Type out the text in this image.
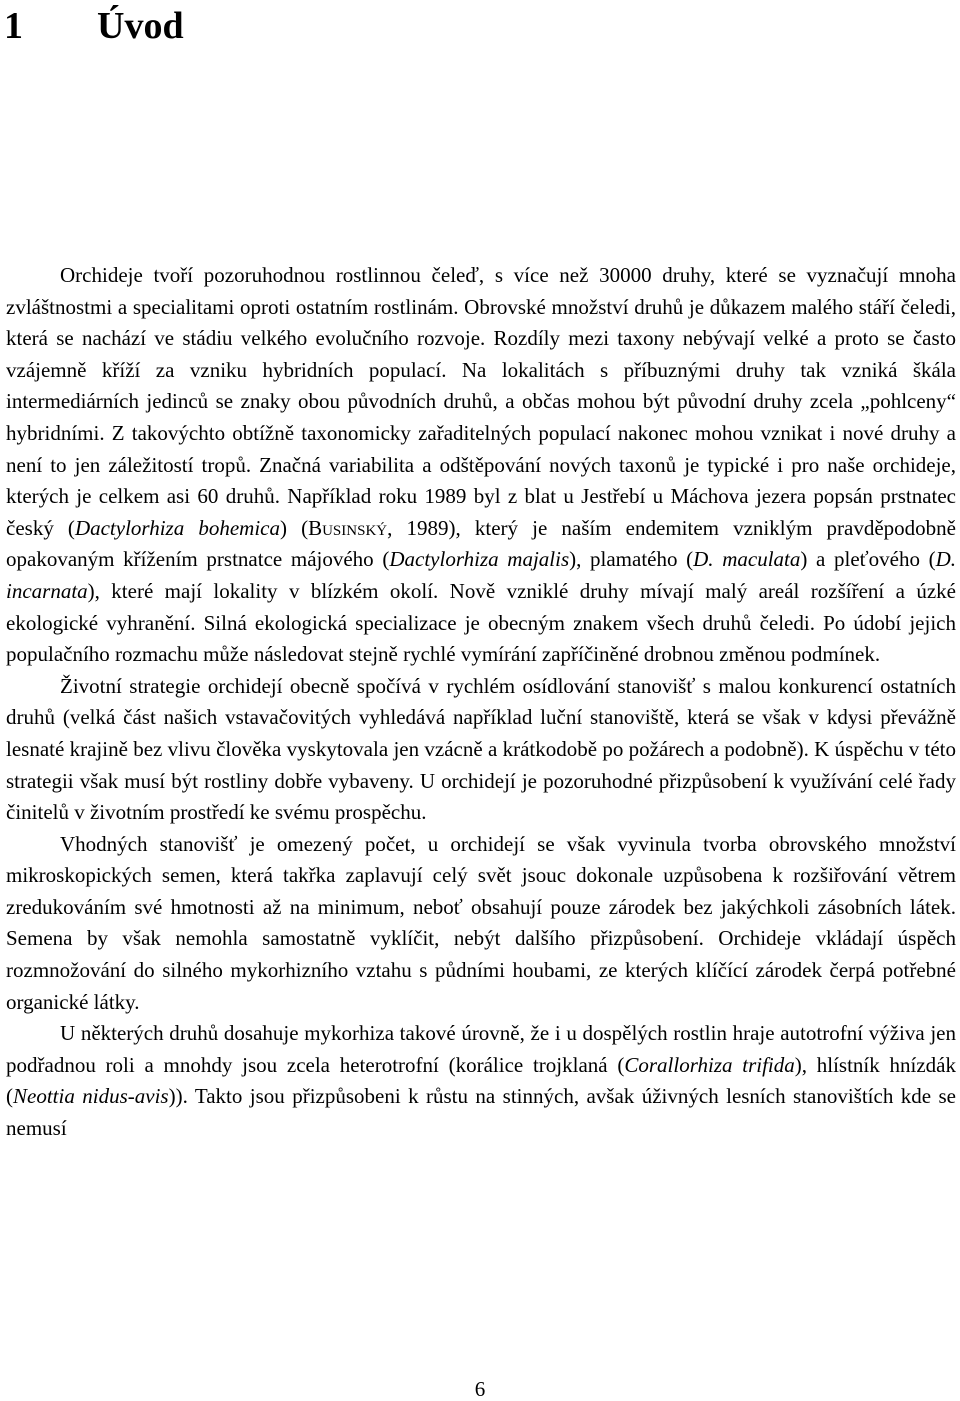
1 Úvod

Orchideje tvoří pozoruhodnou rostlinnou čeleď, s více než 30000 druhy, které se vyznačují mnoha zvláštnostmi a specialitami oproti ostatním rostlinám. Obrovské množství druhů je důkazem malého stáří čeledi, která se nachází ve stádiu velkého evolučního rozvoje. Rozdíly mezi taxony nebývají velké a proto se často vzájemně kříží za vzniku hybridních populací. Na lokalitách s příbuznými druhy tak vzniká škála intermediárních jedinců se znaky obou původních druhů, a občas mohou být původní druhy zcela „pohlceny“ hybridními. Z takovýchto obtížně taxonomicky zařaditelných populací nakonec mohou vznikat i nové druhy a není to jen záležitostí tropů. Značná variabilita a odštěpování nových taxonů je typické i pro naše orchideje, kterých je celkem asi 60 druhů. Například roku 1989 byl z blat u Jestřebí u Máchova jezera popsán prstnatec český (Dactylorhiza bohemica) (Businský, 1989), který je naším endemitem vzniklým pravděpodobně opakovaným křížením prstnatce májového (Dactylorhiza majalis), plamatého (D. maculata) a pleťového (D. incarnata), které mají lokality v blízkém okolí. Nově vzniklé druhy mívají malý areál rozšíření a úzké ekologické vyhranění. Silná ekologická specializace je obecným znakem všech druhů čeledi. Po údobí jejich populačního rozmachu může následovat stejně rychlé vymírání zapříčiněné drobnou změnou podmínek.

Životní strategie orchidejí obecně spočívá v rychlém osídlování stanovišť s malou konkurencí ostatních druhů (velká část našich vstavačovitých vyhledává například luční stanoviště, která se však v kdysi převážně lesnaté krajině bez vlivu člověka vyskytovala jen vzácně a krátkodobě po požárech a podobně). K úspěchu v této strategii však musí být rostliny dobře vybaveny. U orchidejí je pozoruhodné přizpůsobení k využívání celé řady činitelů v životním prostředí ke svému prospěchu.

Vhodných stanovišť je omezený počet, u orchidejí se však vyvinula tvorba obrovského množství mikroskopických semen, která takřka zaplavují celý svět jsouc dokonale uzpůsobena k rozšiřování větrem zredukováním své hmotnosti až na minimum, neboť obsahují pouze zárodek bez jakýchkoli zásobních látek. Semena by však nemohla samostatně vyklíčit, nebýt dalšího přizpůsobení. Orchideje vkládají úspěch rozmnožování do silného mykorhizního vztahu s půdními houbami, ze kterých klíčící zárodek čerpá potřebné organické látky.

U některých druhů dosahuje mykorhiza takové úrovně, že i u dospělých rostlin hraje autotrofní výživa jen podřadnou roli a mnohdy jsou zcela heterotrofní (korálice trojklaná (Corallorhiza trifida), hlístník hnízdák (Neottia nidus-avis)). Takto jsou přizpůsobeni k růstu na stinných, avšak úživných lesních stanovištích kde se nemusí

6
